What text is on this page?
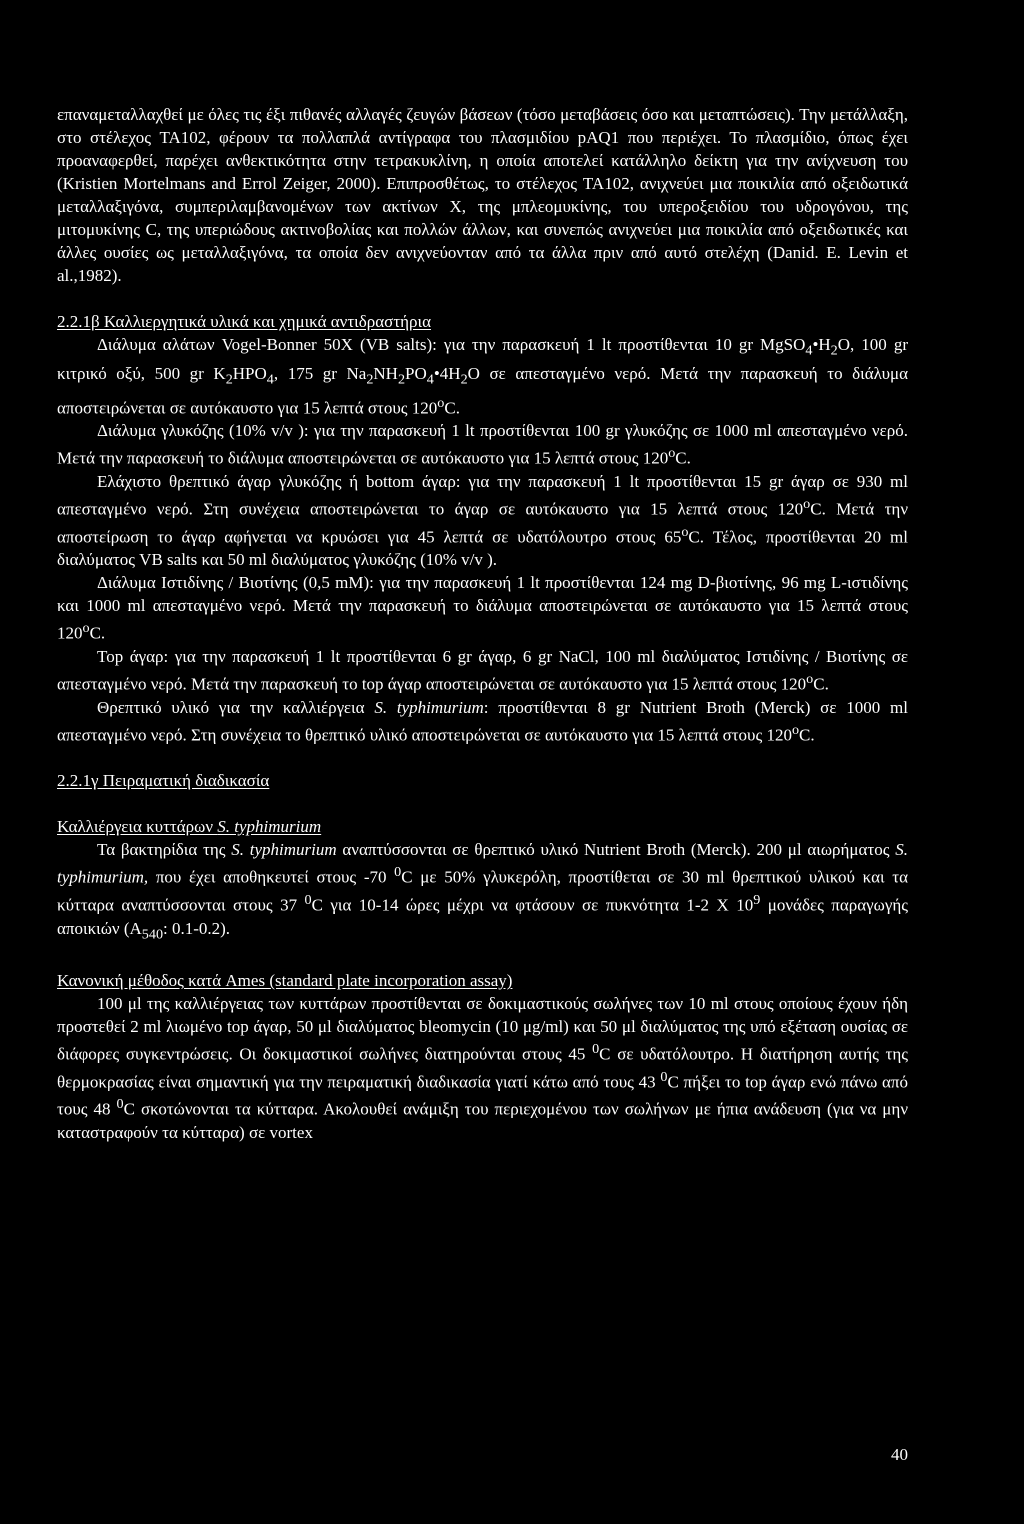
επαναμεταλλαχθεί με όλες τις έξι πιθανές αλλαγές ζευγών βάσεων (τόσο μεταβάσεις όσο και μεταπτώσεις). Την μετάλλαξη, στο στέλεχος TA102, φέρουν τα πολλαπλά αντίγραφα του πλασμιδίου pAQ1 που περιέχει. Το πλασμίδιο, όπως έχει προαναφερθεί, παρέχει ανθεκτικότητα στην τετρακυκλίνη, η οποία αποτελεί κατάλληλο δείκτη για την ανίχνευση του (Kristien Mortelmans and Errol Zeiger, 2000). Επιπροσθέτως, το στέλεχος TA102, ανιχνεύει μια ποικιλία από οξειδωτικά μεταλλαξιγόνα, συμπεριλαμβανομένων των ακτίνων X, της μπλεομυκίνης, του υπεροξειδίου του υδρογόνου, της μιτομυκίνης C, της υπεριώδους ακτινοβολίας και πολλών άλλων, και συνεπώς ανιχνεύει μια ποικιλία από οξειδωτικές και άλλες ουσίες ως μεταλλαξιγόνα, τα οποία δεν ανιχνεύονταν από τα άλλα πριν από αυτό στελέχη (Danid. E. Levin et al.,1982).

2.2.1β Καλλιεργητικά υλικά και χημικά αντιδραστήρια

Διάλυμα αλάτων Vogel-Bonner 50X (VB salts): για την παρασκευή 1 lt προστίθενται 10 gr $MgSO_4•H_2O$, 100 gr κιτρικό οξύ, 500 gr $K_2HPO_4$, 175 gr $Na_2NH_2PO_4•4H_2O$ σε απεσταγμένο νερό. Μετά την παρασκευή το διάλυμα αποστειρώνεται σε αυτόκαυστο για 15 λεπτά στους 120$^o$C.

Διάλυμα γλυκόζης (10% v/v ): για την παρασκευή 1 lt προστίθενται 100 gr γλυκόζης σε 1000 ml απεσταγμένο νερό. Μετά την παρασκευή το διάλυμα αποστειρώνεται σε αυτόκαυστο για 15 λεπτά στους 120$^o$C.

Ελάχιστο θρεπτικό άγαρ γλυκόζης ή bottom άγαρ: για την παρασκευή 1 lt προστίθενται 15 gr άγαρ σε 930 ml απεσταγμένο νερό. Στη συνέχεια αποστειρώνεται το άγαρ σε αυτόκαυστο για 15 λεπτά στους 120$^o$C. Μετά την αποστείρωση το άγαρ αφήνεται να κρυώσει για 45 λεπτά σε υδατόλουτρο στους 65$^o$C. Τέλος, προστίθενται 20 ml διαλύματος VB salts και 50 ml διαλύματος γλυκόζης (10% v/v ).

Διάλυμα Ιστιδίνης / Βιοτίνης (0,5 mM): για την παρασκευή 1 lt προστίθενται 124 mg D-βιοτίνης, 96 mg L-ιστιδίνης και 1000 ml απεσταγμένο νερό. Μετά την παρασκευή το διάλυμα αποστειρώνεται σε αυτόκαυστο για 15 λεπτά στους 120$^o$C.

Top άγαρ: για την παρασκευή 1 lt προστίθενται 6 gr άγαρ, 6 gr NaCl, 100 ml διαλύματος Ιστιδίνης / Βιοτίνης σε απεσταγμένο νερό. Μετά την παρασκευή το top άγαρ αποστειρώνεται σε αυτόκαυστο για 15 λεπτά στους 120$^o$C.

Θρεπτικό υλικό για την καλλιέργεια S. typhimurium: προστίθενται 8 gr Nutrient Broth (Merck) σε 1000 ml απεσταγμένο νερό. Στη συνέχεια το θρεπτικό υλικό αποστειρώνεται σε αυτόκαυστο για 15 λεπτά στους 120$^o$C.

2.2.1γ Πειραματική διαδικασία

Καλλιέργεια κυττάρων S. typhimurium

Τα βακτηρίδια της S. typhimurium αναπτύσσονται σε θρεπτικό υλικό Nutrient Broth (Merck). 200 μl αιωρήματος S. typhimurium, που έχει αποθηκευτεί στους -70 $^0$C με 50% γλυκερόλη, προστίθεται σε 30 ml θρεπτικού υλικού και τα κύτταρα αναπτύσσονται στους 37 $^0$C για 10-14 ώρες μέχρι να φτάσουν σε πυκνότητα 1-2 X $10^9$ μονάδες παραγωγής αποικιών ($A_{540}$: 0.1-0.2).

Κανονική μέθοδος κατά Ames (standard plate incorporation assay)

100 μl της καλλιέργειας των κυττάρων προστίθενται σε δοκιμαστικούς σωλήνες των 10 ml στους οποίους έχουν ήδη προστεθεί 2 ml λιωμένο top άγαρ, 50 μl διαλύματος bleomycin (10 μg/ml) και 50 μl διαλύματος της υπό εξέταση ουσίας σε διάφορες συγκεντρώσεις. Οι δοκιμαστικοί σωλήνες διατηρούνται στους 45 $^0$C σε υδατόλουτρο. Η διατήρηση αυτής της θερμοκρασίας είναι σημαντική για την πειραματική διαδικασία γιατί κάτω από τους 43 $^0$C πήξει το top άγαρ ενώ πάνω από τους 48 $^0$C σκοτώνονται τα κύτταρα. Ακολουθεί ανάμιξη του περιεχομένου των σωλήνων με ήπια ανάδευση (για να μην καταστραφούν τα κύτταρα) σε vortex

40
